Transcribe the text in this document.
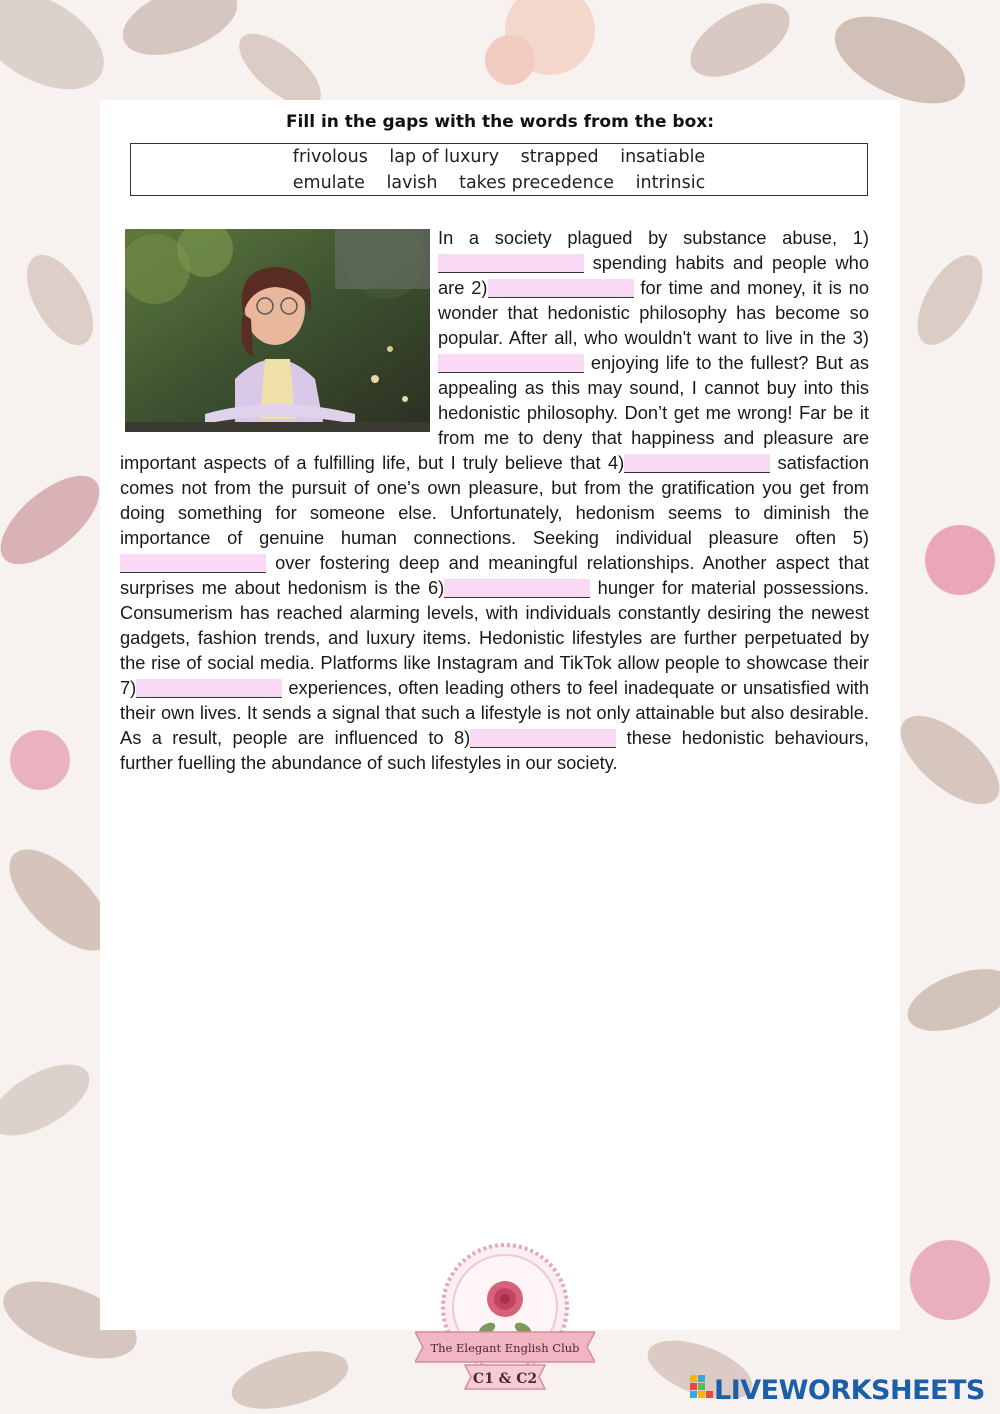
Fill in the gaps with the words from the box:
frivolous lap of luxury strapped insatiable
emulate lavish takes precedence intrinsic
In a society plagued by substance abuse, 1) spending habits and people who are 2)	for time and money, it is no wonder that hedonistic philosophy has become so popular. After all, who wouldn't want to live in the 3) enjoying life to the fullest? But as appealing as this may sound, I cannot buy into this hedonistic philosophy. Don’t get me wrong! Far be it from me to deny that happiness and pleasure are important aspects of a fulfilling life, but I truly believe that 4)	satisfaction comes not from the pursuit of one's own pleasure, but from the gratification you get from doing something for someone else. Unfortunately, hedonism seems to diminish the importance of genuine human connections. Seeking individual pleasure often 5) over fostering deep and meaningful relationships. Another aspect that surprises me about hedonism is the 6)	hunger for material possessions. Consumerism has reached alarming levels, with individuals constantly desiring the newest gadgets, fashion trends, and luxury items. Hedonistic lifestyles are further perpetuated by the rise of social media. Platforms like Instagram and TikTok allow people to showcase their 7)	experiences, often leading others to feel inadequate or unsatisfied with their own lives. It sends a signal that such a lifestyle is not only attainable but also desirable. As a result, people are influenced to 8)	these hedonistic behaviours, further fuelling the abundance of such lifestyles in our society.
The Elegant English Club
C1 & C2	LIVEWORKSHEETS
